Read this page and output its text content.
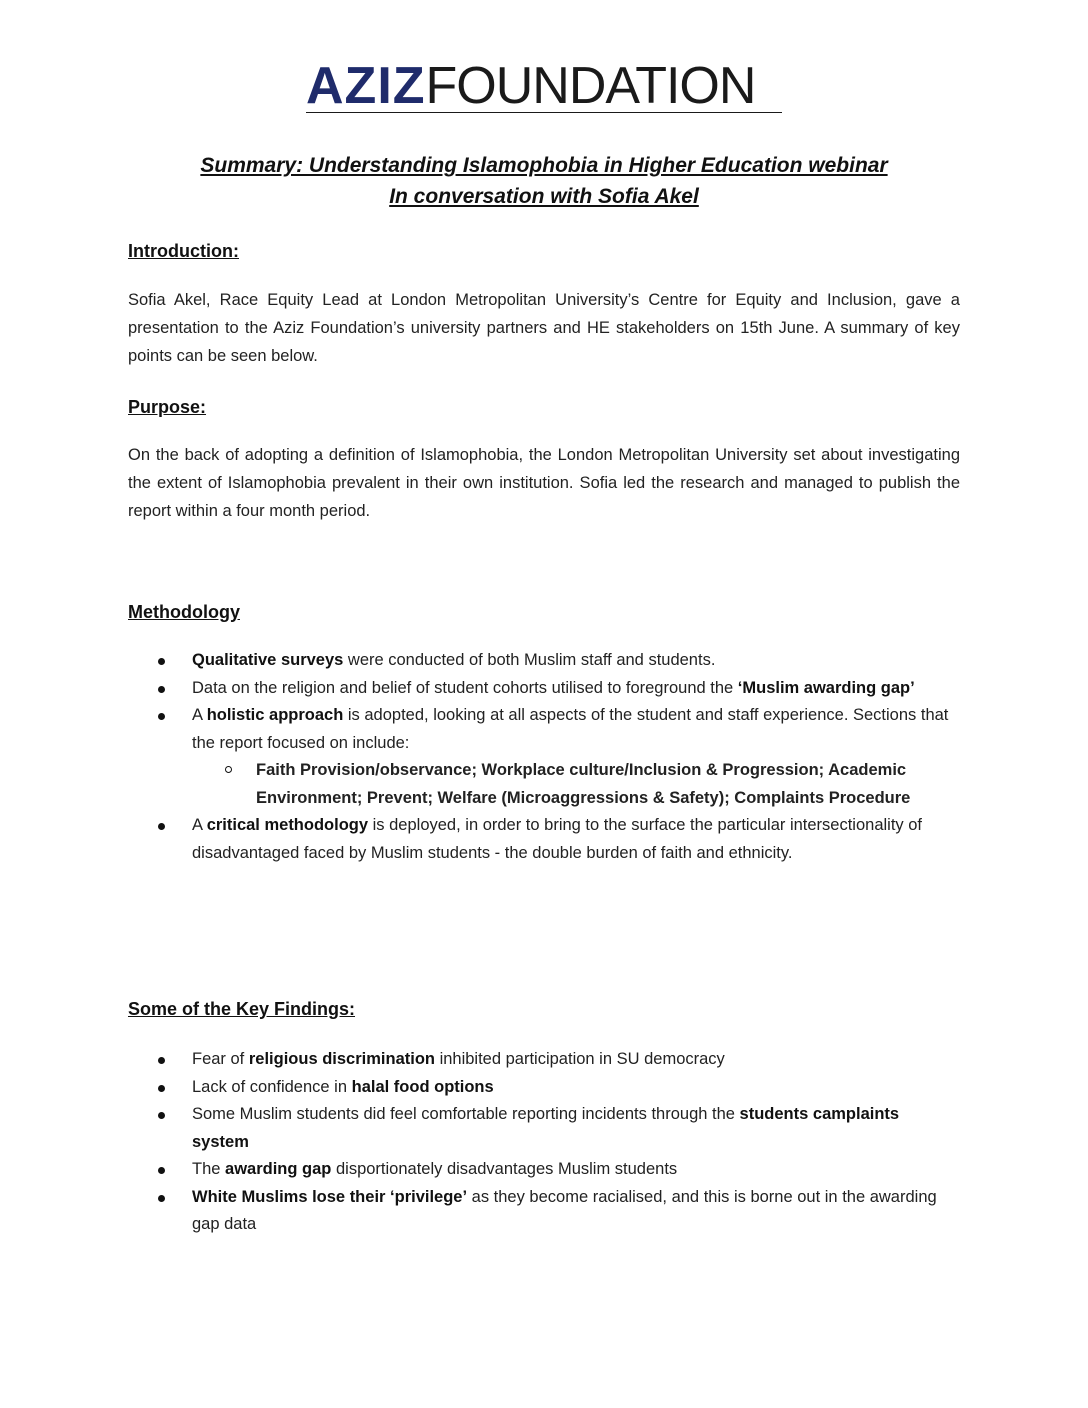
AZIZFOUNDATION
Summary: Understanding Islamophobia in Higher Education webinar
In conversation with Sofia Akel
Introduction:

Sofia Akel, Race Equity Lead at London Metropolitan University’s Centre for Equity and Inclusion, gave a presentation to the Aziz Foundation’s university partners and HE stakeholders on 15th June. A summary of key points can be seen below.

Purpose:

On the back of adopting a definition of Islamophobia, the London Metropolitan University set about investigating the extent of Islamophobia prevalent in their own institution. Sofia led the research and managed to publish the report within a four month period.

Methodology
Qualitative surveys were conducted of both Muslim staff and students.
Data on the religion and belief of student cohorts utilised to foreground the ‘Muslim awarding gap’
A holistic approach is adopted, looking at all aspects of the student and staff experience. Sections that the report focused on include:
Faith Provision/observance; Workplace culture/Inclusion & Progression; Academic Environment; Prevent; Welfare (Microaggressions & Safety); Complaints Procedure
A critical methodology is deployed, in order to bring to the surface the particular intersectionality of disadvantaged faced by Muslim students - the double burden of faith and ethnicity.
Some of the Key Findings:
Fear of religious discrimination inhibited participation in SU democracy
Lack of confidence in halal food options
Some Muslim students did feel comfortable reporting incidents through the students camplaints system
The awarding gap disportionately disadvantages Muslim students
White Muslims lose their ‘privilege’ as they become racialised, and this is borne out in the awarding gap data
